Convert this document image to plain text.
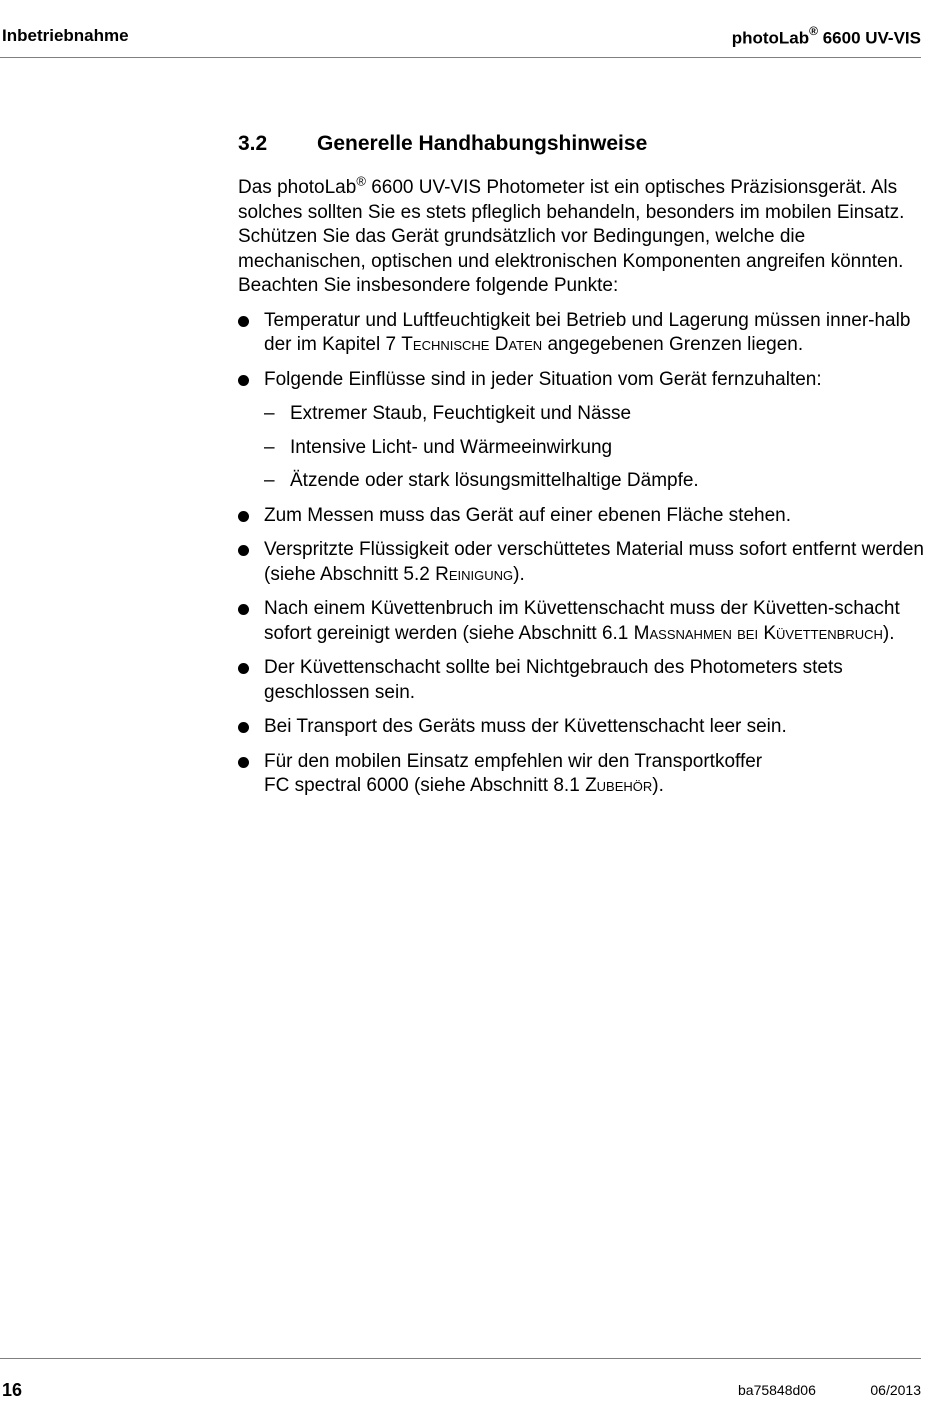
Inbetriebnahme	photoLab® 6600 UV-VIS
3.2 Generelle Handhabungshinweise

Das photoLab® 6600 UV-VIS Photometer ist ein optisches Präzisionsgerät. Als solches sollten Sie es stets pfleglich behandeln, besonders im mobilen Einsatz. Schützen Sie das Gerät grundsätzlich vor Bedingungen, welche die mechanischen, optischen und elektronischen Komponenten angreifen könnten. Beachten Sie insbesondere folgende Punkte:

Temperatur und Luftfeuchtigkeit bei Betrieb und Lagerung müssen inner-halb der im Kapitel 7 Technische Daten angegebenen Grenzen liegen.
Folgende Einflüsse sind in jeder Situation vom Gerät fernzuhalten:
– Extremer Staub, Feuchtigkeit und Nässe
– Intensive Licht- und Wärmeeinwirkung
– Ätzende oder stark lösungsmittelhaltige Dämpfe.
Zum Messen muss das Gerät auf einer ebenen Fläche stehen.
Verspritzte Flüssigkeit oder verschüttetes Material muss sofort entfernt werden (siehe Abschnitt 5.2 Reinigung).
Nach einem Küvettenbruch im Küvettenschacht muss der Küvetten-schacht sofort gereinigt werden (siehe Abschnitt 6.1 Maßnahmen bei Küvettenbruch).
Der Küvettenschacht sollte bei Nichtgebrauch des Photometers stets geschlossen sein.
Bei Transport des Geräts muss der Küvettenschacht leer sein.
Für den mobilen Einsatz empfehlen wir den Transportkoffer
FC spectral 6000 (siehe Abschnitt 8.1 Zubehör).
16	ba75848d06	06/2013
